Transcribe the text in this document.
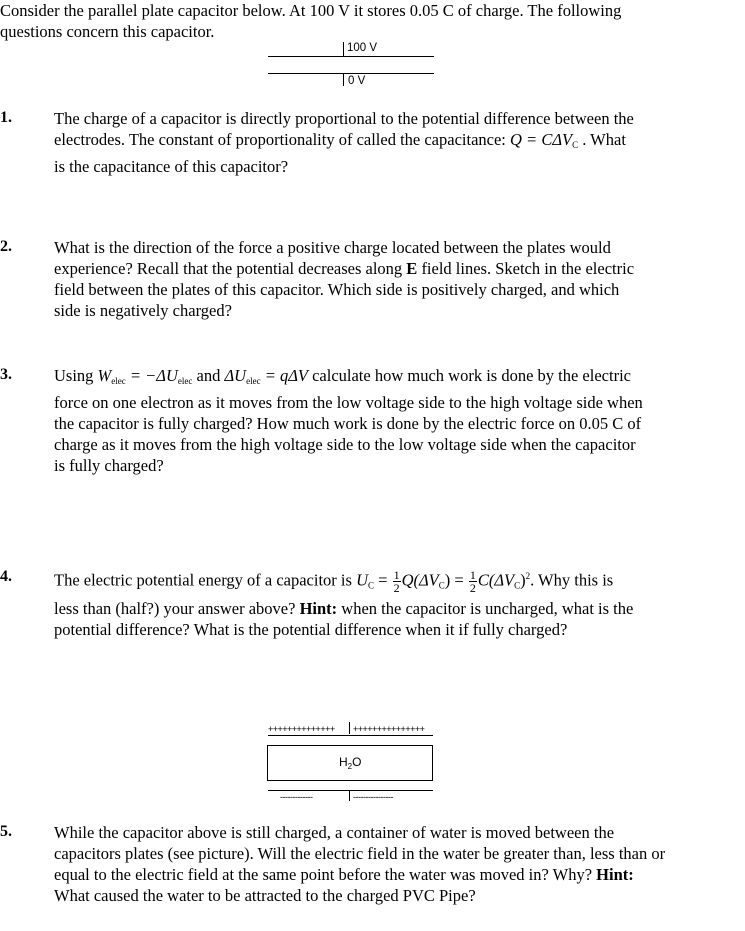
Consider the parallel plate capacitor below. At 100 V it stores 0.05 C of charge. The following
questions concern this capacitor.
100 V
0 V
1.	The charge of a capacitor is directly proportional to the potential difference between the
electrodes. The constant of proportionality of called the capacitance: $Q = C\Delta V_C$ . What
is the capacitance of this capacitor?
2.	What is the direction of the force a positive charge located between the plates would
experience? Recall that the potential decreases along E field lines. Sketch in the electric
field between the plates of this capacitor. Which side is positively charged, and which
side is negatively charged?
3.	Using $W_{elec} = -\Delta U_{elec}$ and $\Delta U_{elec} = q\Delta V$ calculate how much work is done by the electric
force on one electron as it moves from the low voltage side to the high voltage side when
the capacitor is fully charged? How much work is done by the electric force on 0.05 C of
charge as it moves from the high voltage side to the low voltage side when the capacitor
is fully charged?
4.	The electric potential energy of a capacitor is $U_C = \frac{1}{2} Q(\Delta V_C) = \frac{1}{2} C(\Delta V_C)^2$. Why this is
less than (half?) your answer above? Hint: when the capacitor is uncharged, what is the
potential difference? What is the potential difference when it if fully charged?
++++++++++++++ +++++++++++++++
$H_2O$
-------------	----------------
5.	While the capacitor above is still charged, a container of water is moved between the
capacitors plates (see picture). Will the electric field in the water be greater than, less than or
equal to the electric field at the same point before the water was moved in? Why? Hint:
What caused the water to be attracted to the charged PVC Pipe?
